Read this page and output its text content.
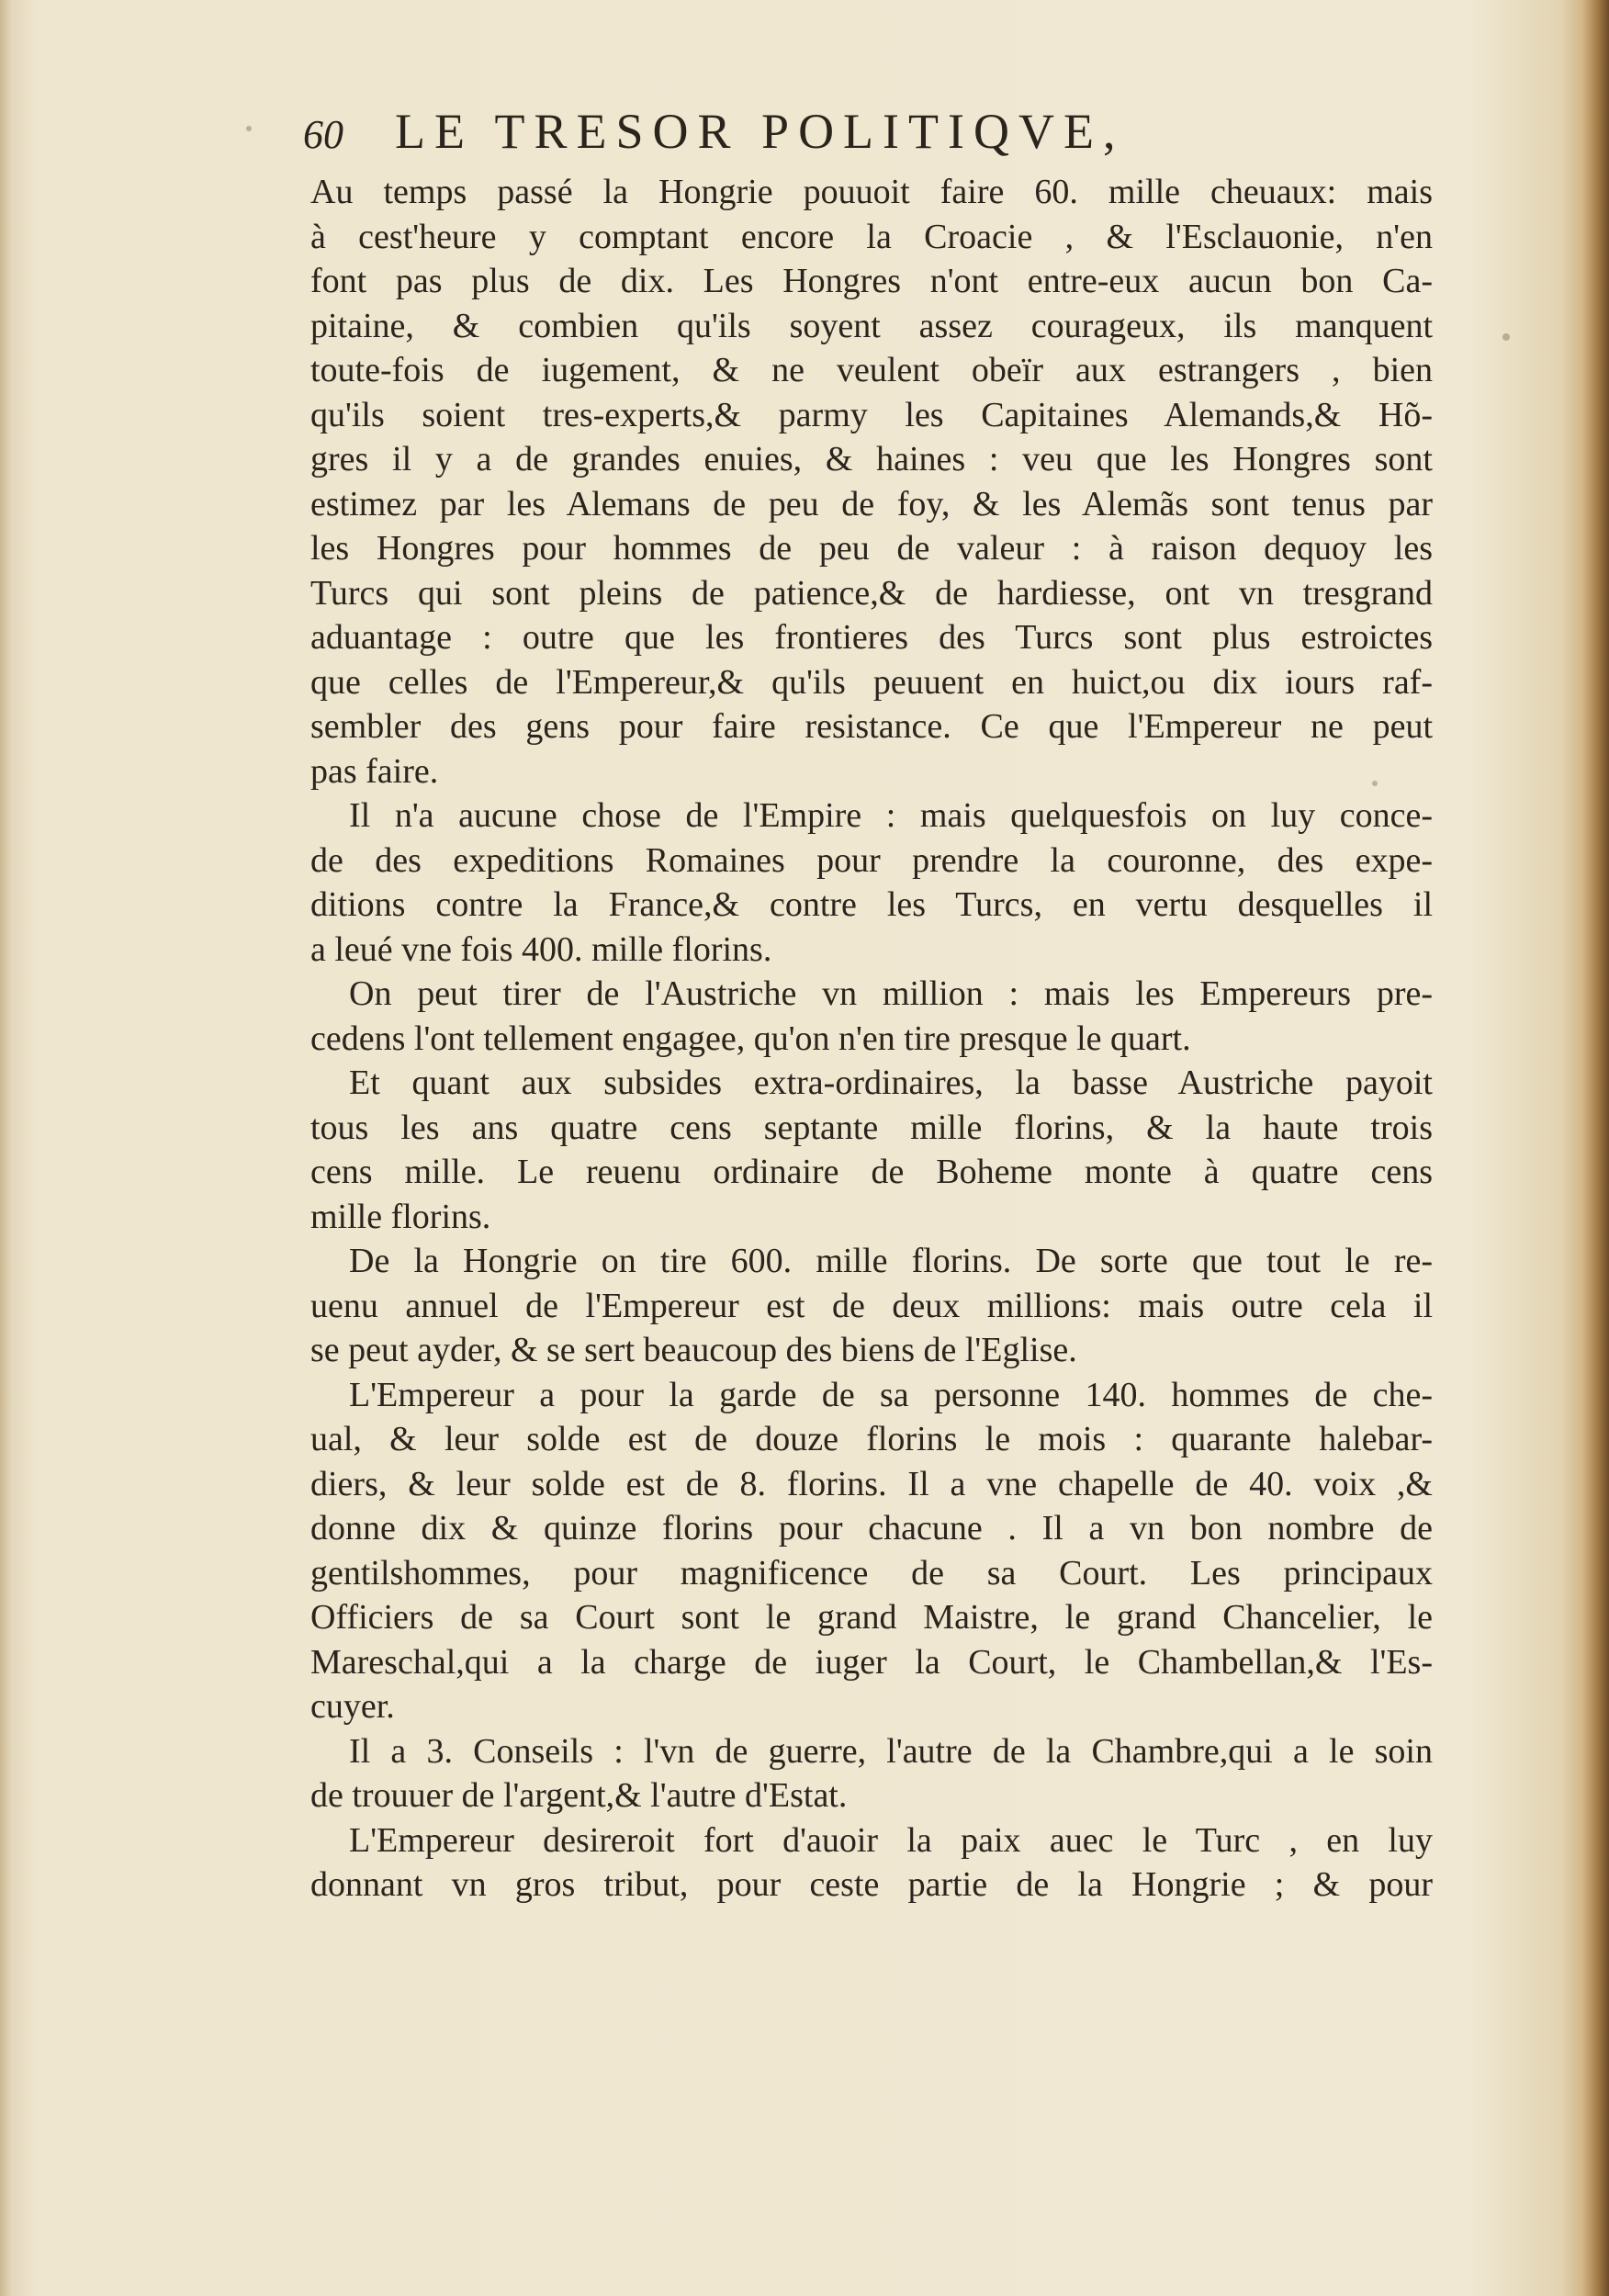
60	LE TRESOR POLITIQVE,
Au temps passé la Hongrie pouuoit faire 60. mille cheuaux: mais
à cest'heure y comptant encore la Croacie , & l'Esclauonie, n'en
font pas plus de dix. Les Hongres n'ont entre-eux aucun bon Ca-
pitaine, & combien qu'ils soyent assez courageux, ils manquent
toute-fois de iugement, & ne veulent obeïr aux estrangers , bien
qu'ils soient tres-experts,& parmy les Capitaines Alemands,& Hõ-
gres il y a de grandes enuies, & haines : veu que les Hongres sont
estimez par les Alemans de peu de foy, & les Alemãs sont tenus par
les Hongres pour hommes de peu de valeur : à raison dequoy les
Turcs qui sont pleins de patience,& de hardiesse, ont vn tresgrand
aduantage : outre que les frontieres des Turcs sont plus estroictes
que celles de l'Empereur,& qu'ils peuuent en huict,ou dix iours raf-
sembler des gens pour faire resistance. Ce que l'Empereur ne peut
pas faire.
Il n'a aucune chose de l'Empire : mais quelquesfois on luy conce-
de des expeditions Romaines pour prendre la couronne, des expe-
ditions contre la France,& contre les Turcs, en vertu desquelles il
a leué vne fois 400. mille florins.
On peut tirer de l'Austriche vn million : mais les Empereurs pre-
cedens l'ont tellement engagee, qu'on n'en tire presque le quart.
Et quant aux subsides extra-ordinaires, la basse Austriche payoit
tous les ans quatre cens septante mille florins, & la haute trois
cens mille. Le reuenu ordinaire de Boheme monte à quatre cens
mille florins.
De la Hongrie on tire 600. mille florins. De sorte que tout le re-
uenu annuel de l'Empereur est de deux millions: mais outre cela il
se peut ayder, & se sert beaucoup des biens de l'Eglise.
L'Empereur a pour la garde de sa personne 140. hommes de che-
ual, & leur solde est de douze florins le mois : quarante halebar-
diers, & leur solde est de 8. florins. Il a vne chapelle de 40. voix ,&
donne dix & quinze florins pour chacune . Il a vn bon nombre de
gentilshommes, pour magnificence de sa Court. Les principaux
Officiers de sa Court sont le grand Maistre, le grand Chancelier, le
Mareschal,qui a la charge de iuger la Court, le Chambellan,& l'Es-
cuyer.
Il a 3. Conseils : l'vn de guerre, l'autre de la Chambre,qui a le soin
de trouuer de l'argent,& l'autre d'Estat.
L'Empereur desireroit fort d'auoir la paix auec le Turc , en luy
donnant vn gros tribut, pour ceste partie de la Hongrie ; & pour
